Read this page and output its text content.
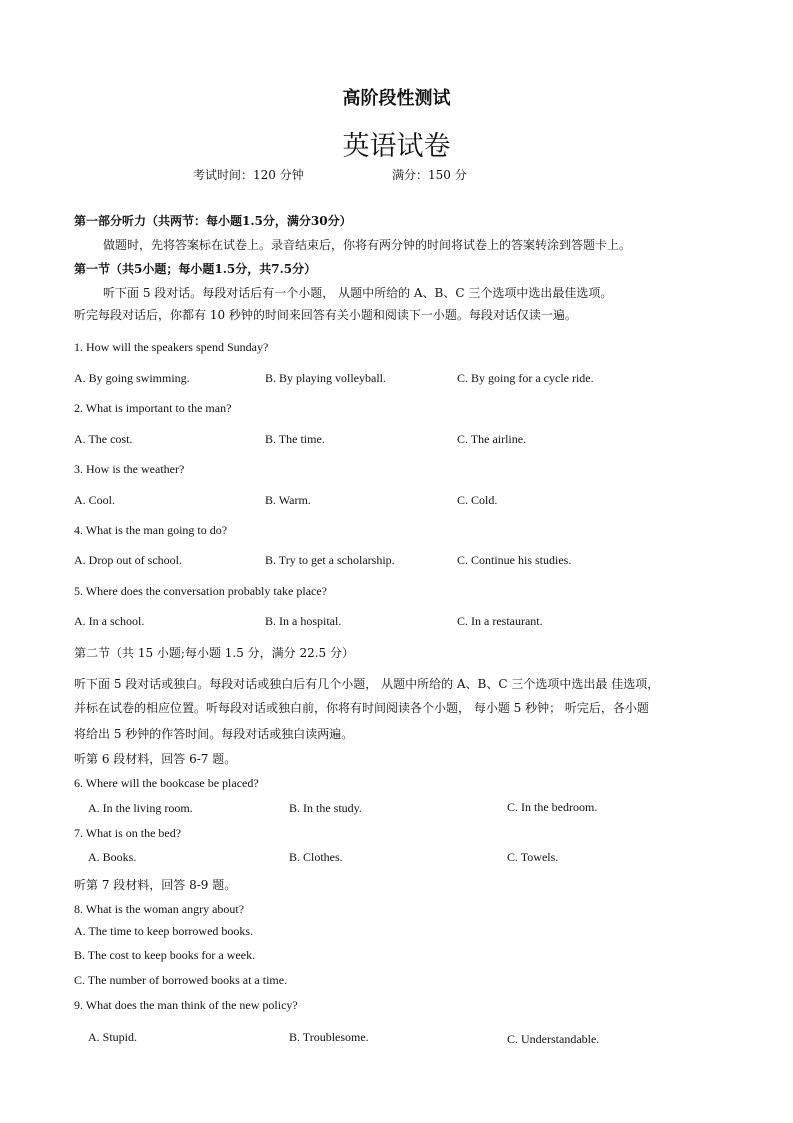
高阶段性测试
英语试卷
考试时间：120 分钟	满分：150 分
第一部分听力（共两节：每小题1.5分，满分30分）
做题时，先将答案标在试卷上。录音结束后，你将有两分钟的时间将试卷上的答案转涂到答题卡上。
第一节（共5小题；每小题1.5分，共7.5分）
听下面 5 段对话。每段对话后有一个小题， 从题中所给的 A、B、C 三个选项中选出最佳选项。
听完每段对话后，你都有 10 秒钟的时间来回答有关小题和阅读下一小题。每段对话仅读一遍。
1. How will the speakers spend Sunday?
A. By going swimming.	B. By playing volleyball.	C. By going for a cycle ride.
2. What is important to the man?
A. The cost.	B. The time.	C. The airline.
3. How is the weather?
A. Cool.	B. Warm.	C. Cold.
4. What is the man going to do?
A. Drop out of school.	B. Try to get a scholarship.	C. Continue his studies.
5. Where does the conversation probably take place?
A. In a school.	B. In a hospital.	C. In a restaurant.
第二节（共 15 小题;每小题 1.5 分，满分 22.5 分）
听下面 5 段对话或独白。每段对话或独白后有几个小题， 从题中所给的 A、B、C 三个选项中选出最 佳选项，
并标在试卷的相应位置。听每段对话或独白前，你将有时间阅读各个小题， 每小题 5 秒钟； 听完后，各小题
将给出 5 秒钟的作答时间。每段对话或独白读两遍。
听第 6 段材料，回答 6-7 题。
6. Where will the bookcase be placed?
A. In the living room.	B. In the study.	C. In the bedroom.
7. What is on the bed?
A. Books.	B. Clothes.	C. Towels.
听第 7 段材料，回答 8-9 题。
8. What is the woman angry about?
A. The time to keep borrowed books.
B. The cost to keep books for a week.
C. The number of borrowed books at a time.
9. What does the man think of the new policy?
A. Stupid.	B. Troublesome.	C. Understandable.
